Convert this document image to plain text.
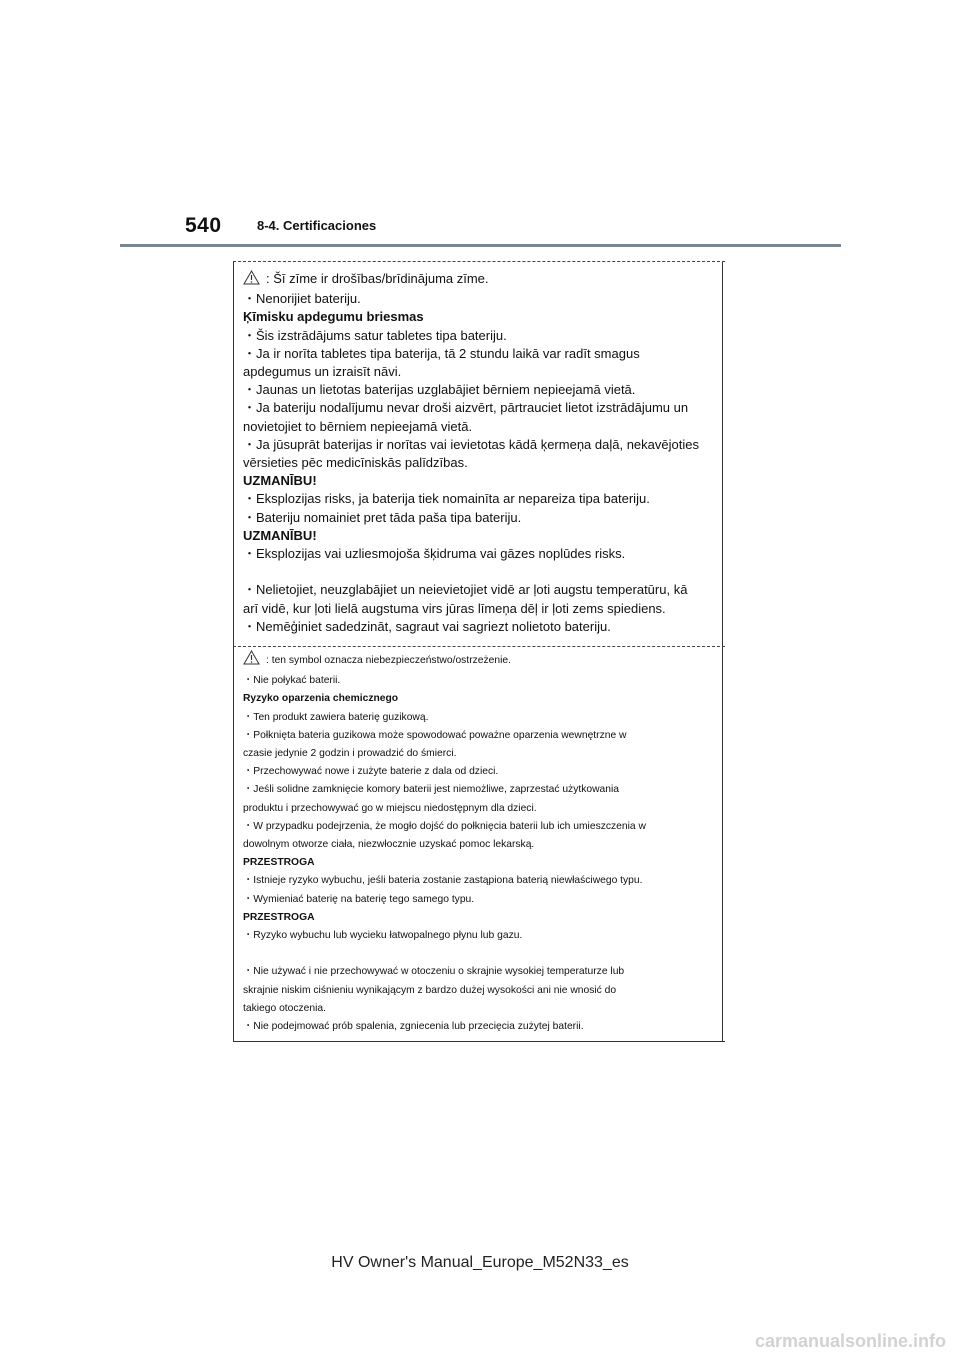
540	8-4. Certificaciones
: Šī zīme ir drošības/brīdinājuma zīme.
・Nenorijiet bateriju.
Ķīmisku apdegumu briesmas
・Šis izstrādājums satur tabletes tipa bateriju.
・Ja ir norīta tabletes tipa baterija, tā 2 stundu laikā var radīt smagus
apdegumus un izraisīt nāvi.
・Jaunas un lietotas baterijas uzglabājiet bērniem nepieejamā vietā.
・Ja bateriju nodalījumu nevar droši aizvērt, pārtrauciet lietot izstrādājumu un
novietojiet to bērniem nepieejamā vietā.
・Ja jūsuprāt baterijas ir norītas vai ievietotas kādā ķermeņa daļā, nekavējoties
vērsieties pēc medicīniskās palīdzības.
UZMANĪBU!
・Eksplozijas risks, ja baterija tiek nomainīta ar nepareiza tipa bateriju.
・Bateriju nomainiet pret tāda paša tipa bateriju.
UZMANĪBU!
・Eksplozijas vai uzliesmojoša šķidruma vai gāzes noplūdes risks.
・Nelietojiet, neuzglabājiet un neievietojiet vidē ar ļoti augstu temperatūru, kā
arī vidē, kur ļoti lielā augstuma virs jūras līmeņa dēļ ir ļoti zems spiediens.
・Nemēģiniet sadedzināt, sagraut vai sagriezt nolietoto bateriju.
: ten symbol oznacza niebezpieczeństwo/ostrzeżenie.
・Nie połykać baterii.
Ryzyko oparzenia chemicznego
・Ten produkt zawiera baterię guzikową.
・Połknięta bateria guzikowa może spowodować poważne oparzenia wewnętrzne w
czasie jedynie 2 godzin i prowadzić do śmierci.
・Przechowywać nowe i zużyte baterie z dala od dzieci.
・Jeśli solidne zamknięcie komory baterii jest niemożliwe, zaprzestać użytkowania
produktu i przechowywać go w miejscu niedostępnym dla dzieci.
・W przypadku podejrzenia, że mogło dojść do połknięcia baterii lub ich umieszczenia w
dowolnym otworze ciała, niezwłocznie uzyskać pomoc lekarską.
PRZESTROGA
・Istnieje ryzyko wybuchu, jeśli bateria zostanie zastąpiona baterią niewłaściwego typu.
・Wymieniać baterię na baterię tego samego typu.
PRZESTROGA
・Ryzyko wybuchu lub wycieku łatwopalnego płynu lub gazu.
・Nie używać i nie przechowywać w otoczeniu o skrajnie wysokiej temperaturze lub
skrajnie niskim ciśnieniu wynikającym z bardzo dużej wysokości ani nie wnosić do
takiego otoczenia.
・Nie podejmować prób spalenia, zgniecenia lub przecięcia zużytej baterii.
HV Owner's Manual_Europe_M52N33_es
carmanualsonline.info
